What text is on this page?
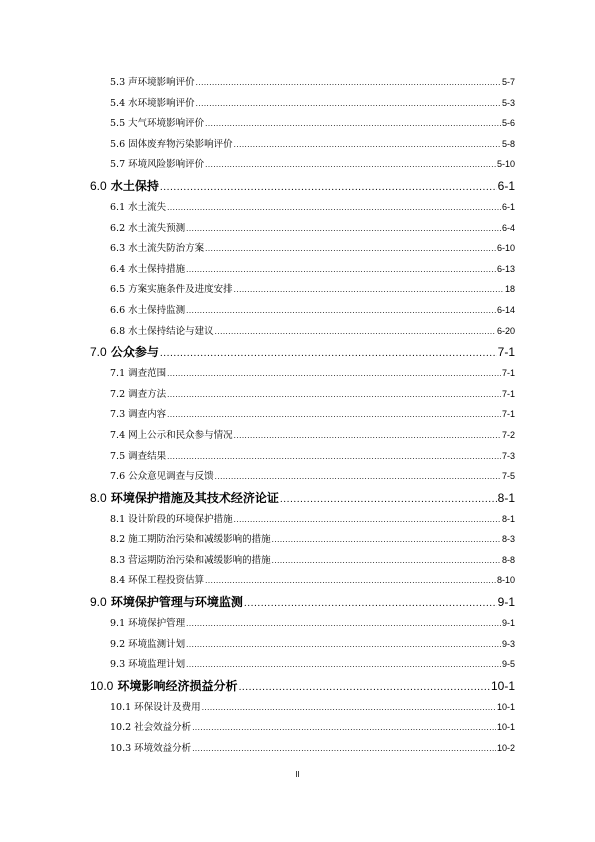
5.3 声环境影响评价 .....	5-7
5.4 水环境影响评价 .....	5-3
5.5 大气环境影响评价 .....	5-6
5.6 固体废弃物污染影响评价 .....	5-8
5.7 环境风险影响评价 .....	5-10
6.0 水土保持 .....	6-1
6.1 水土流失 .....	6-1
6.2 水土流失预测 .....	6-4
6.3 水土流失防治方案 .....	6-10
6.4 水土保持措施 .....	6-13
6.5 方案实施条件及进度安排 .....	18
6.6 水土保持监测 .....	6-14
6.8 水土保持结论与建议 .....	6-20
7.0 公众参与 .....	7-1
7.1 调查范围 .....	7-1
7.2 调查方法 .....	7-1
7.3 调查内容 .....	7-1
7.4 网上公示和民众参与情况 .....	7-2
7.5 调查结果 .....	7-3
7.6 公众意见调查与反馈 .....	7-5
8.0 环境保护措施及其技术经济论证 .....	8-1
8.1 设计阶段的环境保护措施 .....	8-1
8.2 施工期防治污染和减缓影响的措施 .....	8-3
8.3 营运期防治污染和减缓影响的措施 .....	8-8
8.4 环保工程投资估算 .....	8-10
9.0 环境保护管理与环境监测 .....	9-1
9.1 环境保护管理 .....	9-1
9.2 环境监测计划 .....	9-3
9.3 环境监理计划 .....	9-5
10.0 环境影响经济损益分析 .....	10-1
10.1 环保设计及费用 .....	10-1
10.2 社会效益分析 .....	10-1
10.3 环境效益分析 .....	10-2
II
